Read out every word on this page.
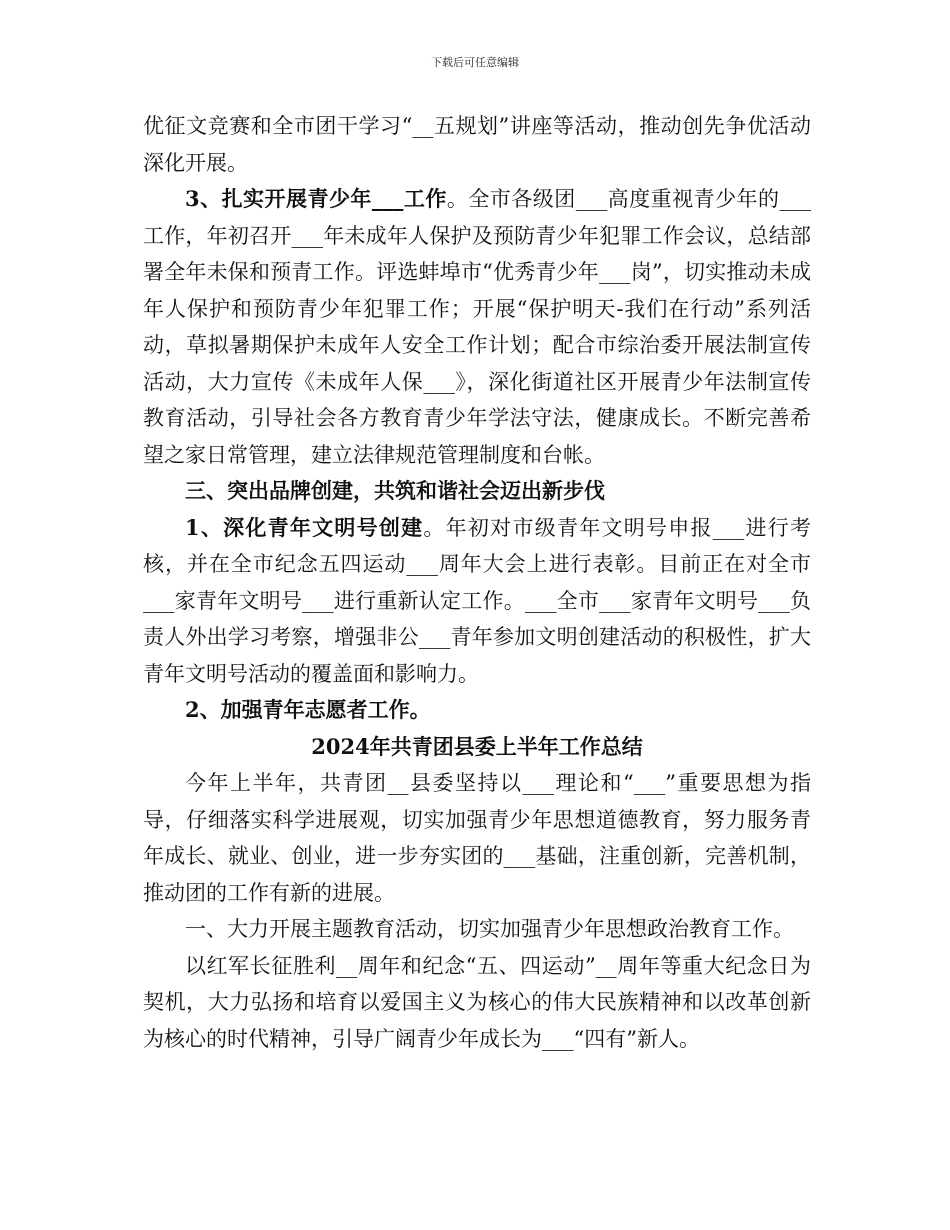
下载后可任意编辑

优征文竞赛和全市团干学习“__五规划”讲座等活动，推动创先争优活动深化开展。

3、扎实开展青少年___工作。全市各级团___高度重视青少年的___工作，年初召开___年未成年人保护及预防青少年犯罪工作会议，总结部署全年未保和预青工作。评选蚌埠市“优秀青少年___岗”，切实推动未成年人保护和预防青少年犯罪工作；开展“保护明天-我们在行动”系列活动，草拟暑期保护未成年人安全工作计划；配合市综治委开展法制宣传活动，大力宣传《未成年人保___》，深化街道社区开展青少年法制宣传教育活动，引导社会各方教育青少年学法守法，健康成长。不断完善希望之家日常管理，建立法律规范管理制度和台帐。

三、突出品牌创建，共筑和谐社会迈出新步伐

1、深化青年文明号创建。年初对市级青年文明号申报___进行考核，并在全市纪念五四运动___周年大会上进行表彰。目前正在对全市___家青年文明号___进行重新认定工作。___全市___家青年文明号___负责人外出学习考察，增强非公___青年参加文明创建活动的积极性，扩大青年文明号活动的覆盖面和影响力。

2、加强青年志愿者工作。

2024年共青团县委上半年工作总结

今年上半年，共青团__县委坚持以___理论和“___”重要思想为指导，仔细落实科学进展观，切实加强青少年思想道德教育，努力服务青年成长、就业、创业，进一步夯实团的___基础，注重创新，完善机制，推动团的工作有新的进展。

一、大力开展主题教育活动，切实加强青少年思想政治教育工作。

以红军长征胜利__周年和纪念“五、四运动”__周年等重大纪念日为契机，大力弘扬和培育以爱国主义为核心的伟大民族精神和以改革创新为核心的时代精神，引导广阔青少年成长为___“四有”新人。
